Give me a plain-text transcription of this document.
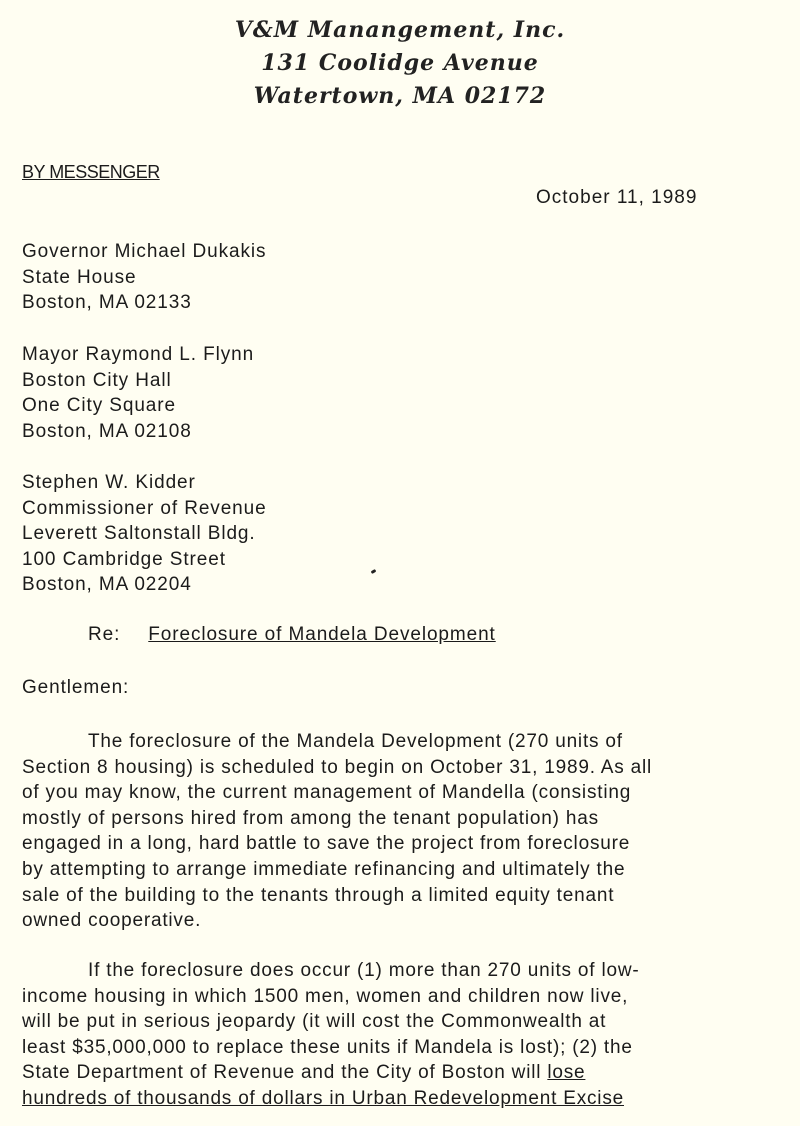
V&M Manangement, Inc.
131 Coolidge Avenue
Watertown, MA 02172
BY MESSENGER
October 11, 1989
Governor Michael Dukakis
State House
Boston, MA 02133
Mayor Raymond L. Flynn
Boston City Hall
One City Square
Boston, MA 02108
Stephen W. Kidder
Commissioner of Revenue
Leverett Saltonstall Bldg.
100 Cambridge Street
Boston, MA 02204
Re: Foreclosure of Mandela Development
Gentlemen:
The foreclosure of the Mandela Development (270 units of
Section 8 housing) is scheduled to begin on October 31, 1989. As all
of you may know, the current management of Mandella (consisting
mostly of persons hired from among the tenant population) has
engaged in a long, hard battle to save the project from foreclosure
by attempting to arrange immediate refinancing and ultimately the
sale of the building to the tenants through a limited equity tenant
owned cooperative.
If the foreclosure does occur (1) more than 270 units of low-
income housing in which 1500 men, women and children now live,
will be put in serious jeopardy (it will cost the Commonwealth at
least $35,000,000 to replace these units if Mandela is lost); (2) the
State Department of Revenue and the City of Boston will lose
hundreds of thousands of dollars in Urban Redevelopment Excise
